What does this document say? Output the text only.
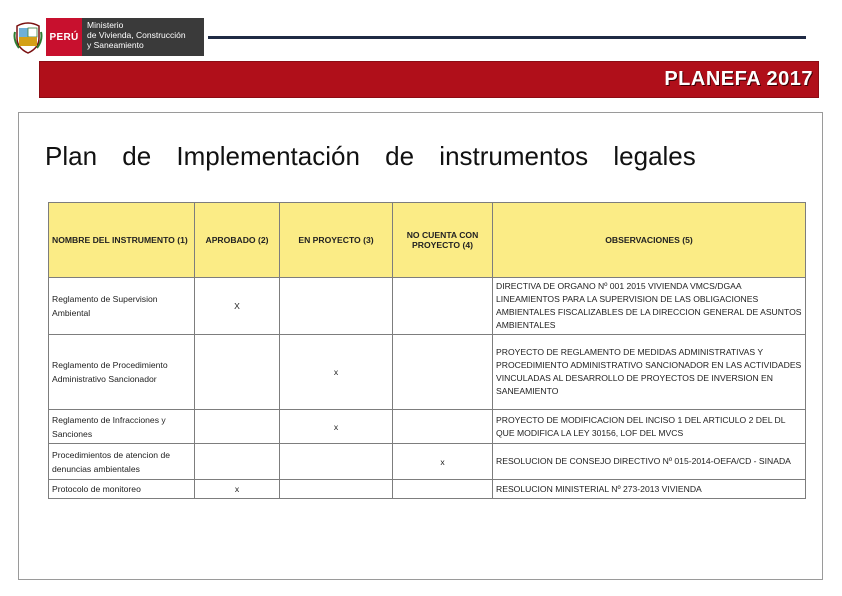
PERÚ
Ministerio
de Vivienda, Construcción
y Saneamiento
PLANEFA 2017
Plan de Implementación de instrumentos legales
NOMBRE DEL INSTRUMENTO (1)	APROBADO (2)	EN PROYECTO (3)	NO CUENTA CON PROYECTO (4)	OBSERVACIONES (5)
Reglamento de Supervision Ambiental	X			DIRECTIVA DE ORGANO Nº 001 2015 VIVIENDA VMCS/DGAA LINEAMIENTOS PARA LA SUPERVISION DE LAS OBLIGACIONES AMBIENTALES FISCALIZABLES DE LA DIRECCION GENERAL DE ASUNTOS AMBIENTALES
Reglamento de Procedimiento Administrativo Sancionador		x		PROYECTO DE REGLAMENTO DE MEDIDAS ADMINISTRATIVAS Y PROCEDIMIENTO ADMINISTRATIVO SANCIONADOR EN LAS ACTIVIDADES VINCULADAS AL DESARROLLO DE PROYECTOS DE INVERSION EN SANEAMIENTO
Reglamento de Infracciones y Sanciones		x		PROYECTO DE MODIFICACION DEL INCISO 1 DEL ARTICULO 2 DEL DL QUE MODIFICA LA LEY 30156, LOF DEL MVCS
Procedimientos de atencion de denuncias ambientales			x	RESOLUCION DE CONSEJO DIRECTIVO Nº 015-2014-OEFA/CD - SINADA
Protocolo de monitoreo	x			RESOLUCION MINISTERIAL Nº 273-2013 VIVIENDA
